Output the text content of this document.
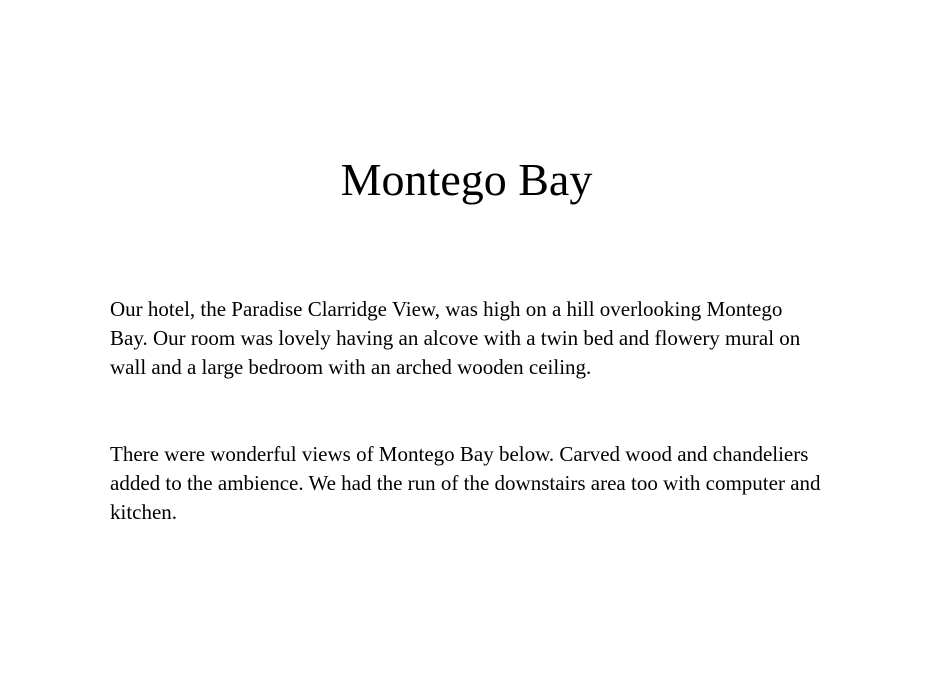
Montego Bay

Our hotel, the Paradise Clarridge View, was high on a hill overlooking Montego Bay. Our room was lovely having an alcove with a twin bed and flowery mural on wall and a large bedroom with an arched wooden ceiling.

There were wonderful views of Montego Bay below. Carved wood and chandeliers added to the ambience. We had the run of the downstairs area too with computer and kitchen.
